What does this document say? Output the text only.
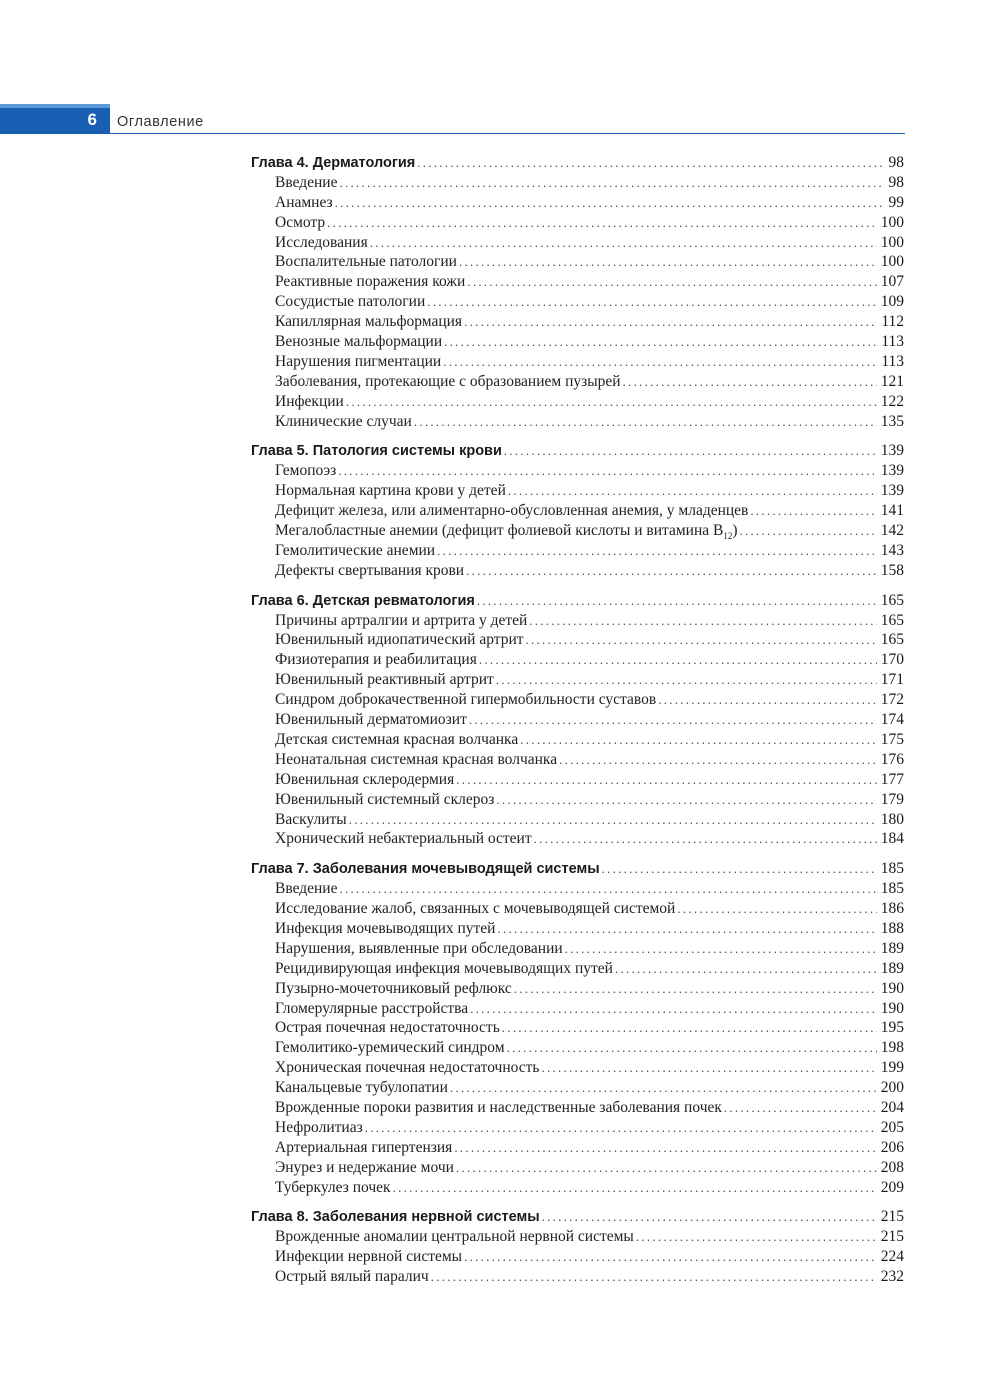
6 Оглавление
Глава 4. Дерматология . . .	98
Введение . . .	98
Анамнез . . .	99
Осмотр . . .	100
Исследования . . .	100
Воспалительные патологии . . .	100
Реактивные поражения кожи . . .	107
Сосудистые патологии . . .	109
Капиллярная мальформация . . .	112
Венозные мальформации . . .	113
Нарушения пигментации . . .	113
Заболевания, протекающие с образованием пузырей . . .	121
Инфекции . . .	122
Клинические случаи . . .	135
Глава 5. Патология системы крови . . .	139
Гемопоэз . . .	139
Нормальная картина крови у детей . . .	139
Дефицит железа, или алиментарно-обусловленная анемия, у младенцев . . .	141
Мегалобластные анемии (дефицит фолиевой кислоты и витамина $B_{12}$) . . .	142
Гемолитические анемии . . .	143
Дефекты свертывания крови . . .	158
Глава 6. Детская ревматология . . .	165
Причины артралгии и артрита у детей . . .	165
Ювенильный идиопатический артрит . . .	165
Физиотерапия и реабилитация . . .	170
Ювенильный реактивный артрит . . .	171
Синдром доброкачественной гипермобильности суставов . . .	172
Ювенильный дерматомиозит . . .	174
Детская системная красная волчанка . . .	175
Неонатальная системная красная волчанка . . .	176
Ювенильная склеродермия . . .	177
Ювенильный системный склероз . . .	179
Васкулиты . . .	180
Хронический небактериальный остеит . . .	184
Глава 7. Заболевания мочевыводящей системы . . .	185
Введение . . .	185
Исследование жалоб, связанных с мочевыводящей системой . . .	186
Инфекция мочевыводящих путей . . .	188
Нарушения, выявленные при обследовании . . .	189
Рецидивирующая инфекция мочевыводящих путей . . .	189
Пузырно-мочеточниковый рефлюкс . . .	190
Гломерулярные расстройства . . .	190
Острая почечная недостаточность . . .	195
Гемолитико-уремический синдром . . .	198
Хроническая почечная недостаточность . . .	199
Канальцевые тубулопатии . . .	200
Врожденные пороки развития и наследственные заболевания почек . . .	204
Нефролитиаз . . .	205
Артериальная гипертензия . . .	206
Энурез и недержание мочи . . .	208
Туберкулез почек . . .	209
Глава 8. Заболевания нервной системы . . .	215
Врожденные аномалии центральной нервной системы . . .	215
Инфекции нервной системы . . .	224
Острый вялый паралич . . .	232
